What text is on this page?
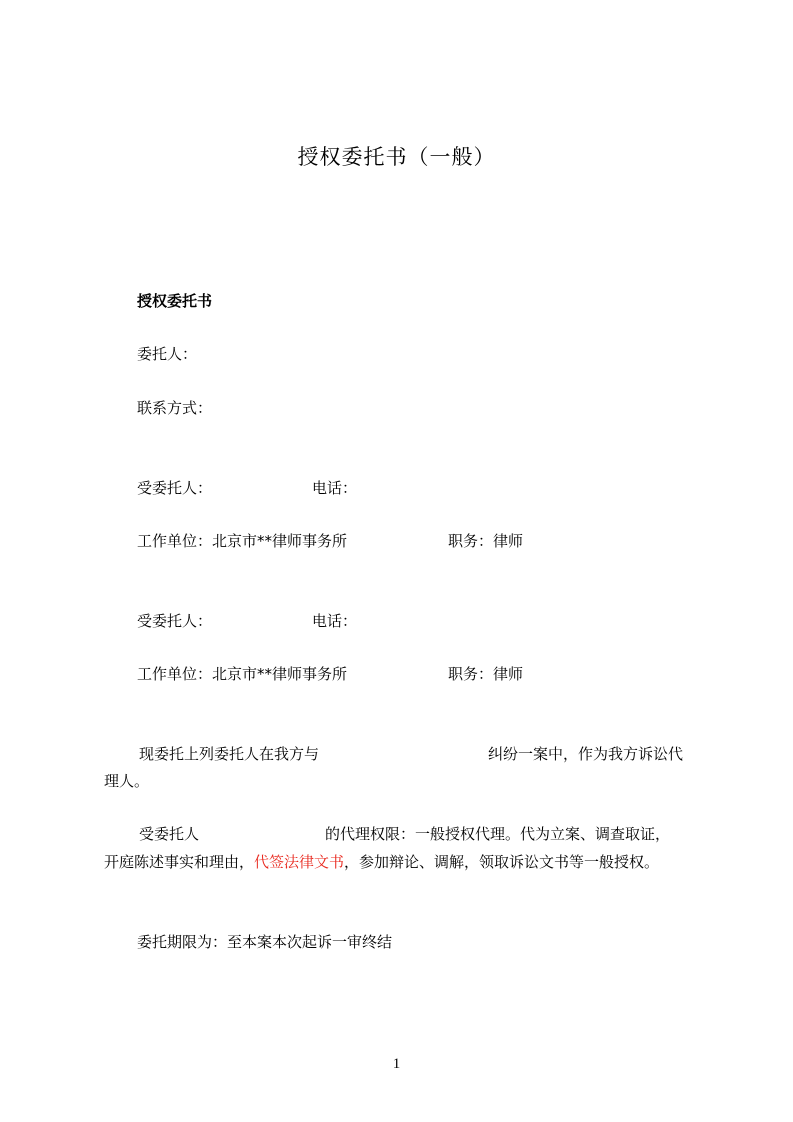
授权委托书（一般）
授权委托书
委托人：
联系方式：
受委托人：	电话：
工作单位：北京市**律师事务所	职务：律师
受委托人：	电话：
工作单位：北京市**律师事务所	职务：律师
现委托上列委托人在我方与	纠纷一案中，作为我方诉讼代
理人。
受委托人	的代理权限：一般授权代理。代为立案、调查取证，
开庭陈述事实和理由，代签法律文书，参加辩论、调解，领取诉讼文书等一般授权。
委托期限为：至本案本次起诉一审终结
1
